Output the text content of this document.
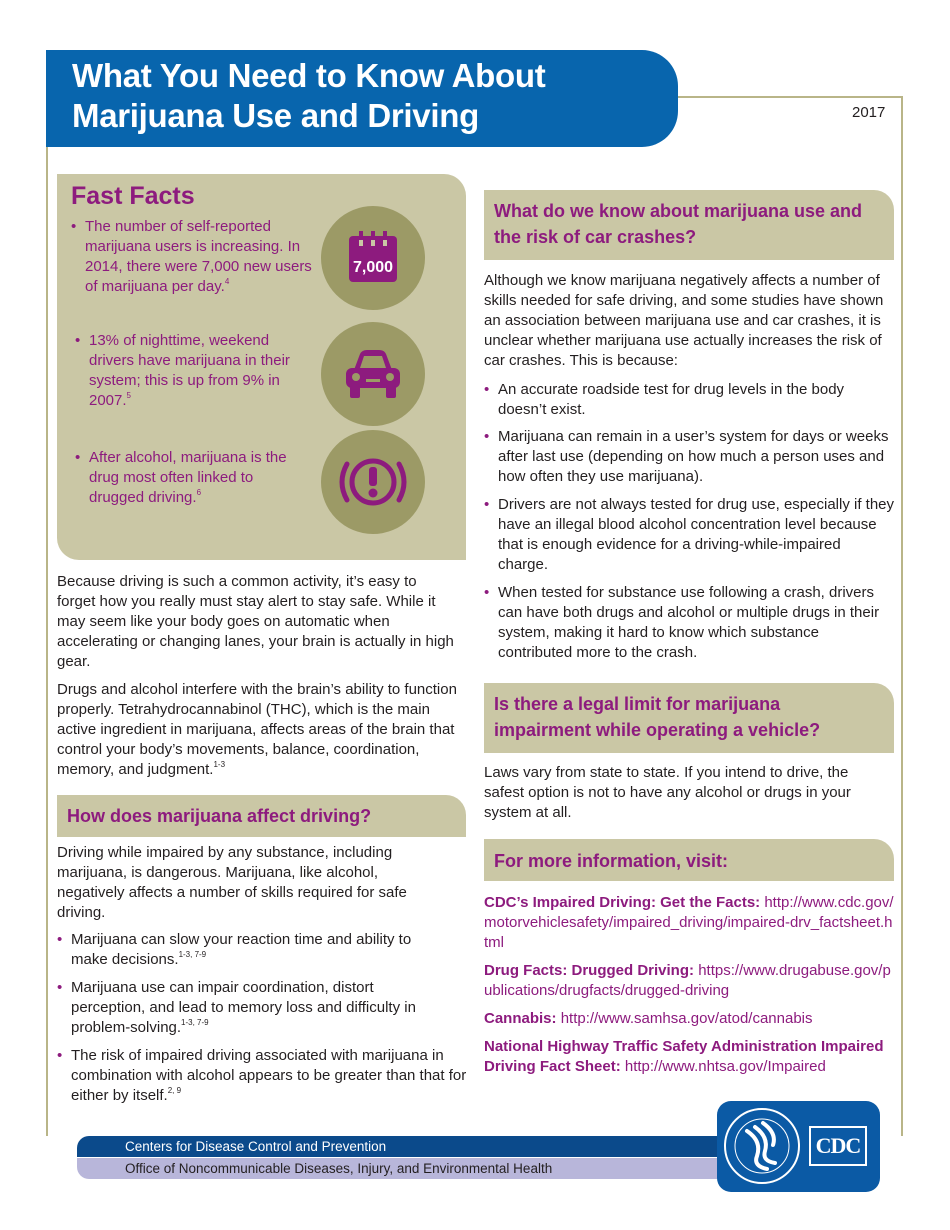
What You Need to Know About
Marijuana Use and Driving	2017
Fast Facts
• The number of self-reported marijuana users is increasing. In 2014, there were 7,000 new users of marijuana per day.$^4$
• 13% of nighttime, weekend drivers have marijuana in their system; this is up from 9% in 2007.$^5$
• After alcohol, marijuana is the drug most often linked to drugged driving.$^6$
7,000

Because driving is such a common activity, it’s easy to forget how you really must stay alert to stay safe. While it may seem like your body goes on automatic when accelerating or changing lanes, your brain is actually in high gear.

Drugs and alcohol interfere with the brain’s ability to function properly. Tetrahydrocannabinol (THC), which is the main active ingredient in marijuana, affects areas of the brain that control your body’s movements, balance, coordination, memory, and judgment.$^{1-3}$

How does marijuana affect driving?
Driving while impaired by any substance, including marijuana, is dangerous. Marijuana, like alcohol, negatively affects a number of skills required for safe driving.
• Marijuana can slow your reaction time and ability to make decisions.$^{1-3, 7-9}$
• Marijuana use can impair coordination, distort perception, and lead to memory loss and difficulty in problem-solving.$^{1-3, 7-9}$
• The risk of impaired driving associated with marijuana in combination with alcohol appears to be greater than that for either by itself.$^{2, 9}$
What do we know about marijuana use and the risk of car crashes?
Although we know marijuana negatively affects a number of skills needed for safe driving, and some studies have shown an association between marijuana use and car crashes, it is unclear whether marijuana use actually increases the risk of car crashes. This is because:
• An accurate roadside test for drug levels in the body doesn’t exist.
• Marijuana can remain in a user’s system for days or weeks after last use (depending on how much a person uses and how often they use marijuana).
• Drivers are not always tested for drug use, especially if they have an illegal blood alcohol concentration level because that is enough evidence for a driving-while-impaired charge.
• When tested for substance use following a crash, drivers can have both drugs and alcohol or multiple drugs in their system, making it hard to know which substance contributed more to the crash.
Is there a legal limit for marijuana impairment while operating a vehicle?
Laws vary from state to state. If you intend to drive, the safest option is not to have any alcohol or drugs in your system at all.
For more information, visit:
CDC’s Impaired Driving: Get the Facts: http://www.cdc.gov/motorvehiclesafety/impaired_driving/impaired-drv_factsheet.html
Drug Facts: Drugged Driving: https://www.drugabuse.gov/publications/drugfacts/drugged-driving
Cannabis: http://www.samhsa.gov/atod/cannabis
National Highway Traffic Safety Administration Impaired Driving Fact Sheet: http://www.nhtsa.gov/Impaired
Centers for Disease Control and Prevention
Office of Noncommunicable Diseases, Injury, and Environmental Health
CDC
